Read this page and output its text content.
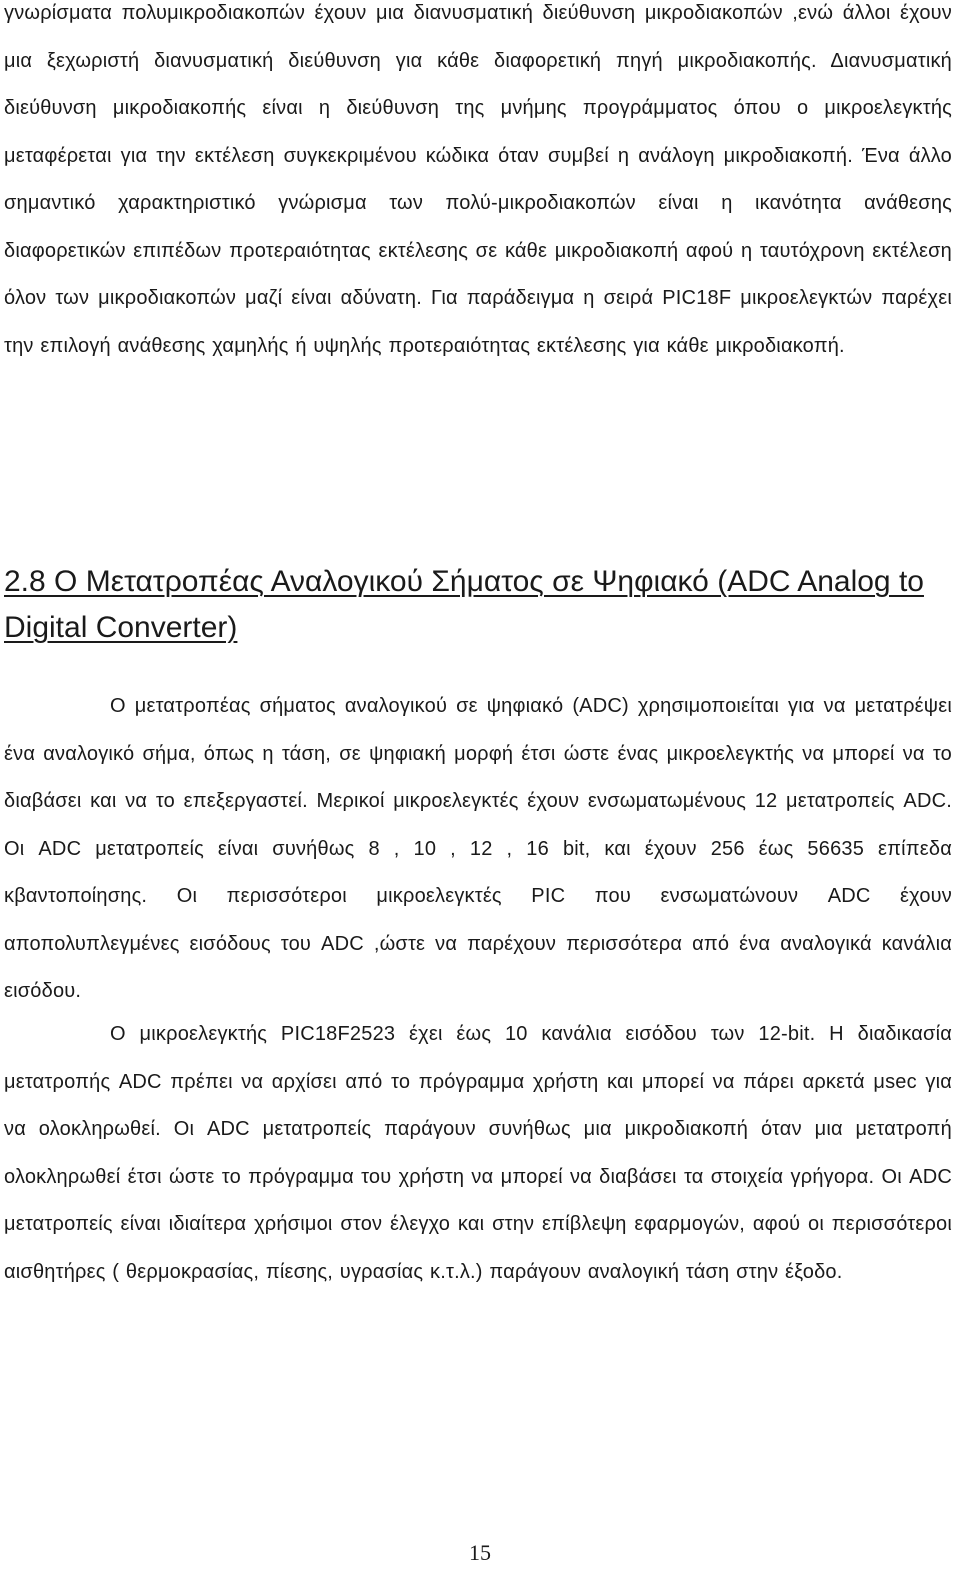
γνωρίσματα πολυμικροδιακοπών έχουν μια διανυσματική διεύθυνση μικροδιακοπών ,ενώ άλλοι έχουν μια ξεχωριστή διανυσματική διεύθυνση για κάθε διαφορετική πηγή μικροδιακοπής. Διανυσματική διεύθυνση μικροδιακοπής είναι η διεύθυνση της μνήμης προγράμματος όπου ο μικροελεγκτής μεταφέρεται για την εκτέλεση συγκεκριμένου κώδικα όταν συμβεί η ανάλογη μικροδιακοπή. Ένα άλλο σημαντικό χαρακτηριστικό γνώρισμα των πολύ-μικροδιακοπών είναι η ικανότητα ανάθεσης διαφορετικών επιπέδων προτεραιότητας εκτέλεσης σε κάθε μικροδιακοπή αφού η ταυτόχρονη εκτέλεση όλον των μικροδιακοπών μαζί είναι αδύνατη. Για παράδειγμα η σειρά PIC18F μικροελεγκτών παρέχει την επιλογή ανάθεσης χαμηλής ή υψηλής προτεραιότητας εκτέλεσης για κάθε μικροδιακοπή.

2.8 Ο Μετατροπέας Αναλογικού Σήματος σε Ψηφιακό (ADC Analog to Digital Converter)

Ο μετατροπέας σήματος αναλογικού σε ψηφιακό (ADC) χρησιμοποιείται για να μετατρέψει ένα αναλογικό σήμα, όπως η τάση, σε ψηφιακή μορφή έτσι ώστε ένας μικροελεγκτής να μπορεί να το διαβάσει και να το επεξεργαστεί. Μερικοί μικροελεγκτές έχουν ενσωματωμένους 12 μετατροπείς ADC. Οι ADC μετατροπείς είναι συνήθως 8 , 10 , 12 , 16 bit, και έχουν 256 έως 56635 επίπεδα κβαντοποίησης. Οι περισσότεροι μικροελεγκτές PIC που ενσωματώνουν ADC έχουν αποπολυπλεγμένες εισόδους του ADC ,ώστε να παρέχουν περισσότερα από ένα αναλογικά κανάλια εισόδου.

Ο μικροελεγκτής PIC18F2523 έχει έως 10 κανάλια εισόδου των 12-bit. Η διαδικασία μετατροπής ADC πρέπει να αρχίσει από το πρόγραμμα χρήστη και μπορεί να πάρει αρκετά μsec για να ολοκληρωθεί. Οι ADC μετατροπείς παράγουν συνήθως μια μικροδιακοπή όταν μια μετατροπή ολοκληρωθεί έτσι ώστε το πρόγραμμα του χρήστη να μπορεί να διαβάσει τα στοιχεία γρήγορα. Οι ADC μετατροπείς είναι ιδιαίτερα χρήσιμοι στον έλεγχο και στην επίβλεψη εφαρμογών, αφού οι περισσότεροι αισθητήρες ( θερμοκρασίας, πίεσης, υγρασίας κ.τ.λ.) παράγουν αναλογική τάση στην έξοδο.

15
